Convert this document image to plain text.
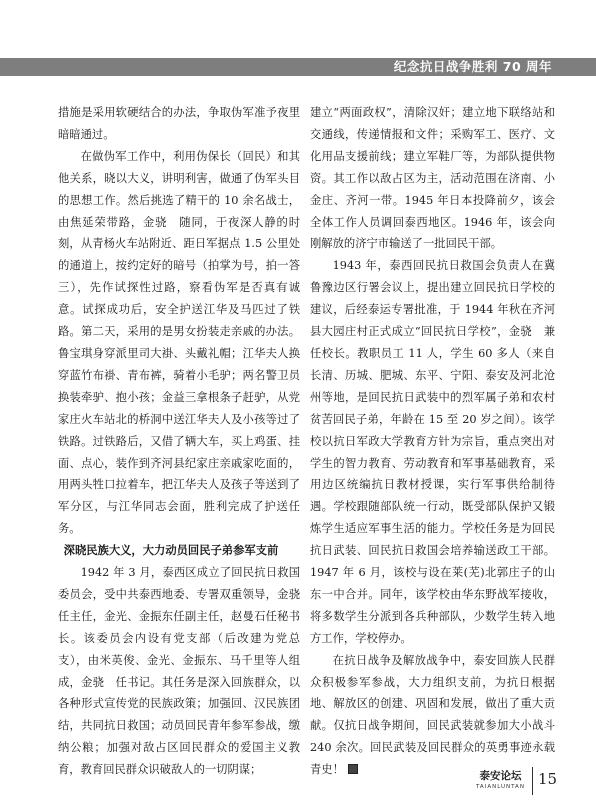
纪念抗日战争胜利 70 周年

措施是采用软硬结合的办法，争取伪军准予夜里暗暗通过。

在做伪军工作中，利用伪保长（回民）和其他关系，晓以大义，讲明利害，做通了伪军头目的思想工作。然后挑选了精干的 10 余名战士，由焦延荣带路，金骁　随同，于夜深人静的时刻，从青杨火车站附近、距日军据点 1.5 公里处的通道上，按约定好的暗号（拍掌为号，拍一答三），先作试探性过路，察看伪军是否真有诚意。试探成功后，安全护送江华及马匹过了铁路。第二天，采用的是男女扮装走亲戚的办法。鲁宝琪身穿派里司大褂、头戴礼帽；江华夫人换穿蓝竹布褂、青布裤，骑着小毛驴；两名警卫员换装牵驴、抱小孩；金益三拿根条子赶驴，从党家庄火车站北的桥洞中送江华夫人及小孩等过了铁路。过铁路后，又借了辆大车，买上鸡蛋、挂面、点心，装作到齐河县纪家庄亲戚家吃面的，用两头牲口拉着车，把江华夫人及孩子等送到了军分区，与江华同志会面，胜利完成了护送任务。

深晓民族大义，大力动员回民子弟参军支前

1942 年 3 月，泰西区成立了回民抗日救国委员会，受中共泰西地委、专署双重领导，金骁　任主任，金光、金振东任副主任，赵曼石任秘书长。该委员会内设有党支部（后改建为党总支），由米英俊、金光、金振东、马千里等人组成，金骁　任书记。其任务是深入回族群众，以各种形式宣传党的民族政策；加强回、汉民族团结，共同抗日救国；动员回民青年参军参战，缴纳公粮；加强对敌占区回民群众的爱国主义教育，教育回民群众识破敌人的一切阴谋；

建立“两面政权”，清除汉奸；建立地下联络站和交通线，传递情报和文件；采购军工、医疗、文化用品支援前线；建立军鞋厂等，为部队提供物资。其工作以敌占区为主，活动范围在济南、小金庄、齐河一带。1945 年日本投降前夕，该会全体工作人员调回泰西地区。1946 年，该会向刚解放的济宁市输送了一批回民干部。

1943 年，泰西回民抗日救国会负责人在冀鲁豫边区行署会议上，提出建立回民抗日学校的建议，后经泰运专署批准，于 1944 年秋在齐河县大园庄村正式成立“回民抗日学校”，金骁　兼任校长。教职员工 11 人，学生 60 多人（来自长清、历城、肥城、东平、宁阳、泰安及河北沧州等地，是回民抗日武装中的烈军属子弟和农村贫苦回民子弟，年龄在 15 至 20 岁之间）。该学校以抗日军政大学教育方针为宗旨，重点突出对学生的智力教育、劳动教育和军事基础教育，采用边区统编抗日教材授课，实行军事供给制待遇。学校跟随部队统一行动，既受部队保护又锻炼学生适应军事生活的能力。学校任务是为回民抗日武装、回民抗日救国会培养输送政工干部。1947 年 6 月，该校与设在莱(芜)北郭庄子的山东一中合并。同年，该学校由华东野战军接收，将多数学生分派到各兵种部队，少数学生转入地方工作，学校停办。

在抗日战争及解放战争中，泰安回族人民群众积极参军参战，大力组织支前，为抗日根据地、解放区的创建、巩固和发展，做出了重大贡献。仅抗日战争期间，回民武装就参加大小战斗 240 余次。回民武装及回民群众的英勇事迹永载青史！	泰安论坛
TAIANLUNTAN 15
